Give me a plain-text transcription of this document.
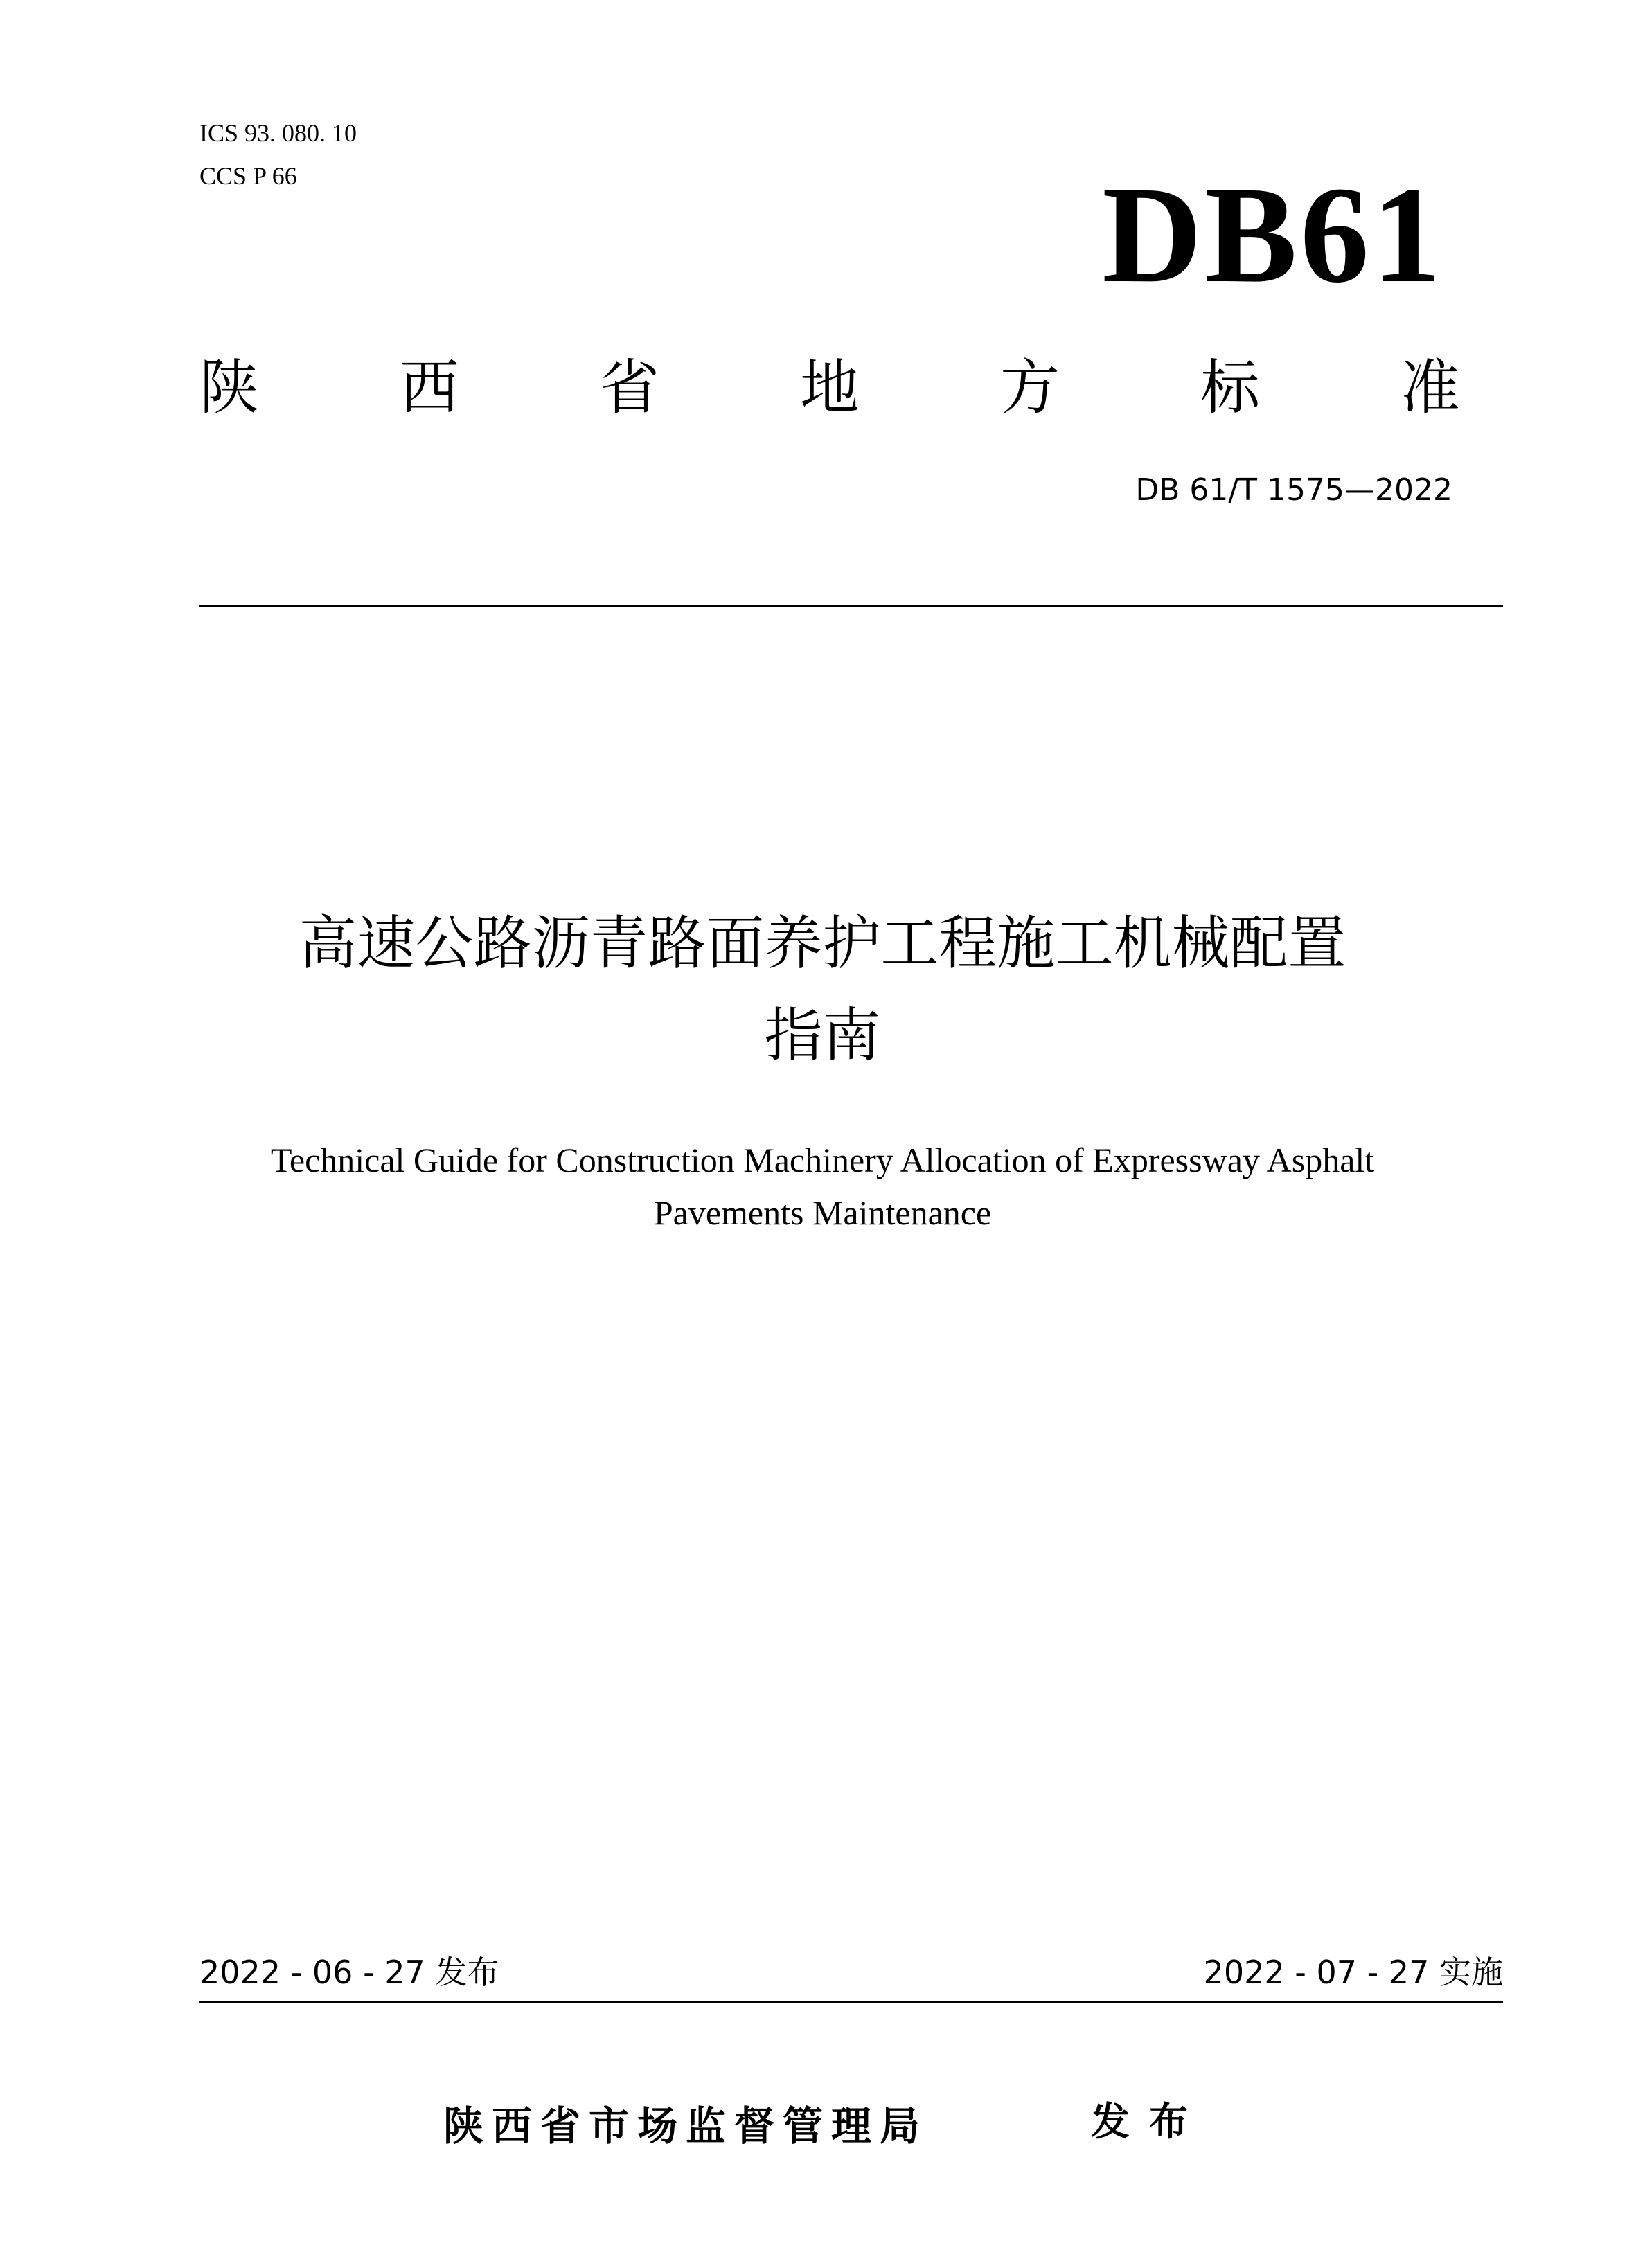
ICS 93. 080. 10
CCS P 66	DB61
陕 西 省 地 方 标 准
DB 61/T 1575—2022
高速公路沥青路面养护工程施工机械配置
指南
Technical Guide for Construction Machinery Allocation of Expressway Asphalt
Pavements Maintenance
2022 - 06 - 27 发布	2022 - 07 - 27 实施
陕西省市场监督管理局	发布
